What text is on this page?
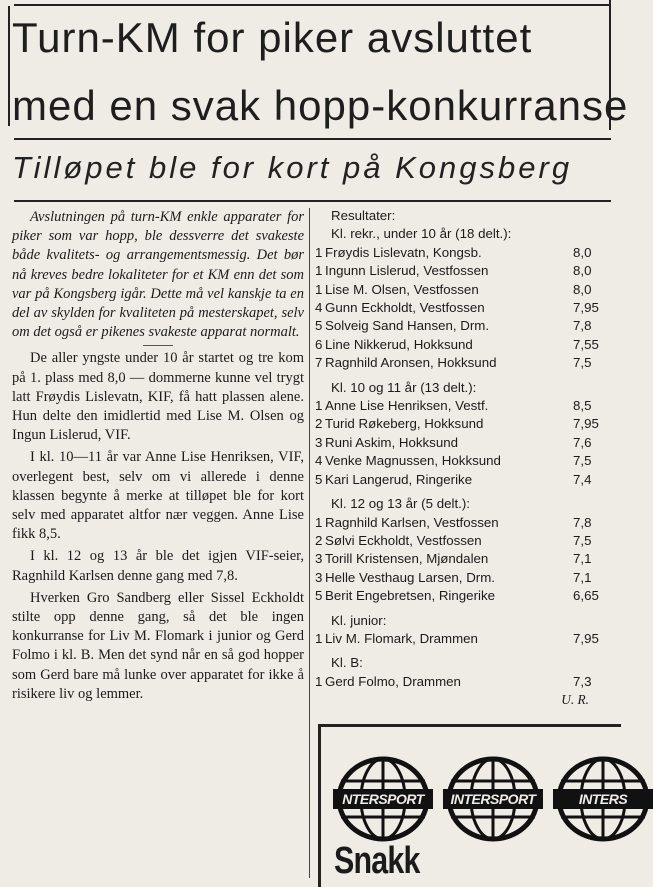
Turn-KM for piker avsluttet
med en svak hopp-konkurranse
Tilløpet ble for kort på Kongsberg

Avslutningen på turn-KM enkle apparater for piker som var hopp, ble dessverre det svakeste både kvalitets- og arrangementsmessig. Det bør nå kreves bedre lokaliteter for et KM enn det som var på Kongsberg igår. Dette må vel kanskje ta en del av skylden for kvaliteten på mesterskapet, selv om det også er pikenes svakeste apparat normalt.

De aller yngste under 10 år startet og tre kom på 1. plass med 8,0 — dommerne kunne vel trygt latt Frøydis Lislevatn, KIF, få hatt plassen alene. Hun delte den imidlertid med Lise M. Olsen og Ingun Lislerud, VIF.

I kl. 10—11 år var Anne Lise Henriksen, VIF, overlegent best, selv om vi allerede i denne klassen begynte å merke at tilløpet ble for kort selv med apparatet altfor nær veggen. Anne Lise fikk 8,5.

I kl. 12 og 13 år ble det igjen VIF-seier, Ragnhild Karlsen denne gang med 7,8.

Hverken Gro Sandberg eller Sissel Eckholdt stilte opp denne gang, så det ble ingen konkurranse for Liv M. Flomark i junior og Gerd Folmo i kl. B. Men det synd når en så god hopper som Gerd bare må lunke over apparatet for ikke å risikere liv og lemmer.

Resultater:
Kl. rekr., under 10 år (18 delt.):
1 Frøydis Lislevatn, Kongsb.	8,0
1 Ingunn Lislerud, Vestfossen	8,0
1 Lise M. Olsen, Vestfossen	8,0
4 Gunn Eckholdt, Vestfossen	7,95
5 Solveig Sand Hansen, Drm.	7,8
6 Line Nikkerud, Hokksund	7,55
7 Ragnhild Aronsen, Hokksund	7,5
Kl. 10 og 11 år (13 delt.):
1 Anne Lise Henriksen, Vestf.	8,5
2 Turid Røkeberg, Hokksund	7,95
3 Runi Askim, Hokksund	7,6
4 Venke Magnussen, Hokksund	7,5
5 Kari Langerud, Ringerike	7,4
Kl. 12 og 13 år (5 delt.):
1 Ragnhild Karlsen, Vestfossen	7,8
2 Sølvi Eckholdt, Vestfossen	7,5
3 Torill Kristensen, Mjøndalen	7,1
3 Helle Vesthaug Larsen, Drm.	7,1
5 Berit Engebretsen, Ringerike	6,65
Kl. junior:
1 Liv M. Flomark, Drammen	7,95
Kl. B:
1 Gerd Folmo, Drammen	7,3
U. R.
NTERSPORT	INTERSPORT	INTERS
Snakk
